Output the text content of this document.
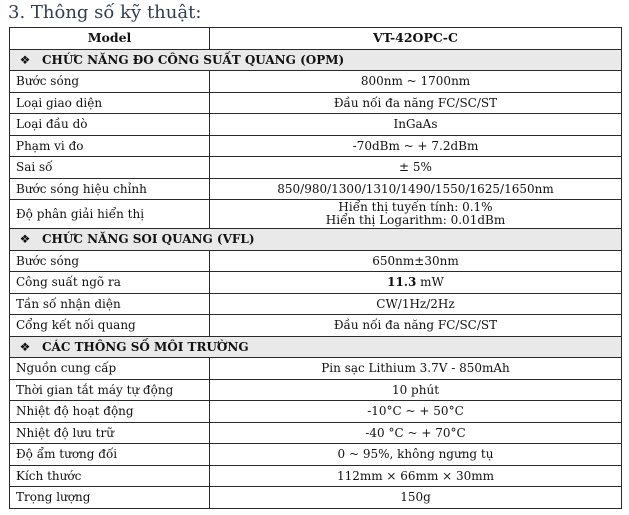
3. Thông số kỹ thuật:
Model	VT-42OPC-C
❖ CHỨC NĂNG ĐO CÔNG SUẤT QUANG (OPM)	
Bước sóng	800nm ~ 1700nm
Loại giao diện	Đầu nối đa năng FC/SC/ST
Loại đầu dò	InGaAs
Phạm vi đo	-70dBm ~ + 7.2dBm
Sai số	± 5%
Bước sóng hiệu chỉnh	850/980/1300/1310/1490/1550/1625/1650nm
Độ phân giải hiển thị	Hiển thị tuyến tính: 0.1%
Hiển thị Logarithm: 0.01dBm

❖ CHỨC NĂNG SOI QUANG (VFL)	
Bước sóng	650nm±30nm
Công suất ngõ ra	11.3 mW
Tần số nhận diện	CW/1Hz/2Hz
Cổng kết nối quang	Đầu nối đa năng FC/SC/ST
❖ CÁC THÔNG SỐ MÔI TRƯỜNG	
Nguồn cung cấp	Pin sạc Lithium 3.7V - 850mAh
Thời gian tắt máy tự động	10 phút
Nhiệt độ hoạt động	-10°C ~ + 50°C
Nhiệt độ lưu trữ	-40 °C ~ + 70°C
Độ ẩm tương đối	0 ~ 95%, không ngưng tụ
Kích thước	112mm × 66mm × 30mm
Trọng lượng	150g
